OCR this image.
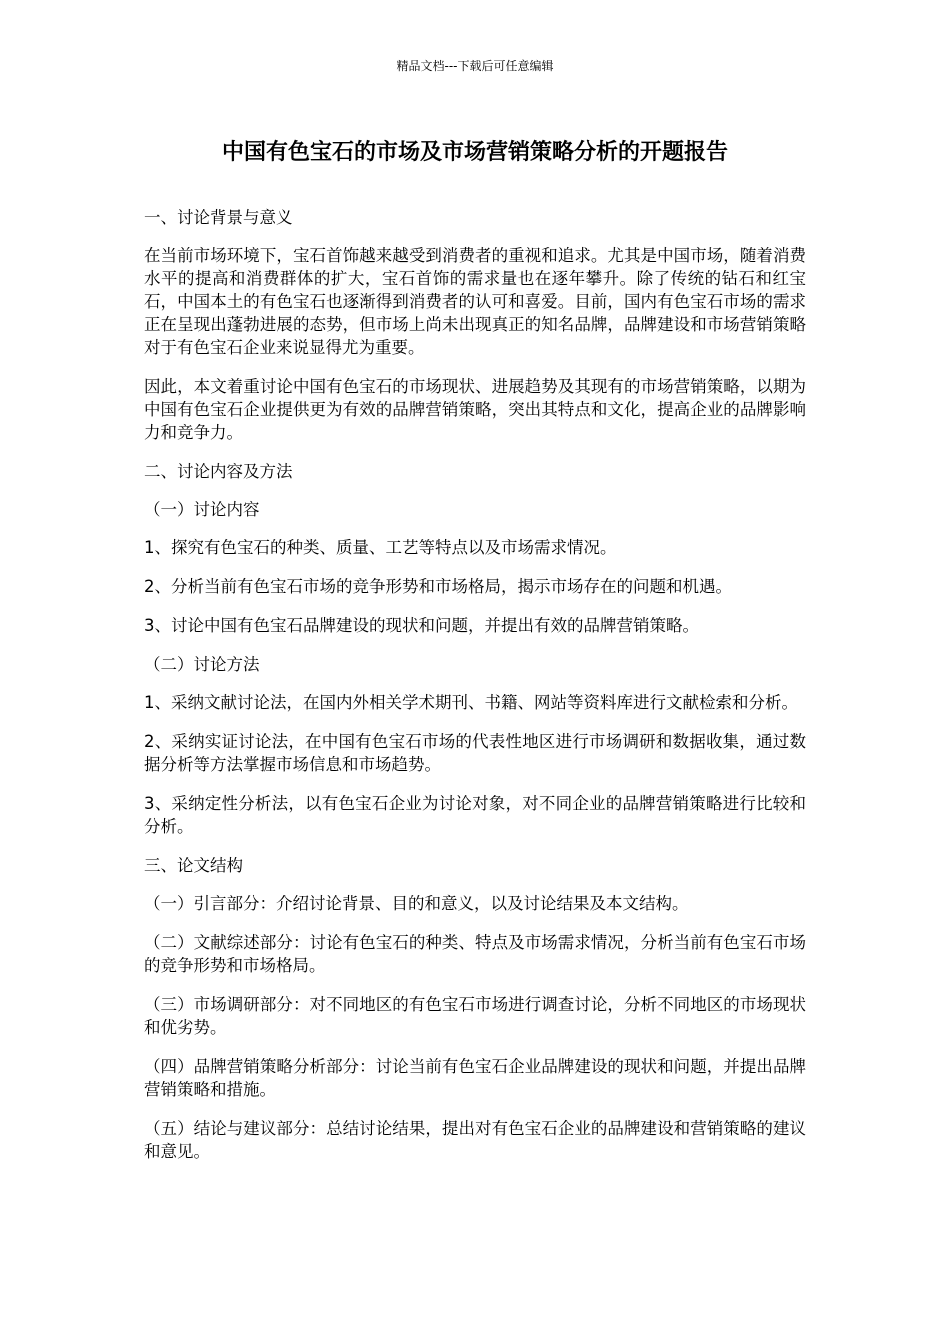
精品文档---下载后可任意编辑
中国有色宝石的市场及市场营销策略分析的开题报告

一、讨论背景与意义

在当前市场环境下，宝石首饰越来越受到消费者的重视和追求。尤其是中国市场，随着消费水平的提高和消费群体的扩大，宝石首饰的需求量也在逐年攀升。除了传统的钻石和红宝石，中国本土的有色宝石也逐渐得到消费者的认可和喜爱。目前，国内有色宝石市场的需求正在呈现出蓬勃进展的态势，但市场上尚未出现真正的知名品牌，品牌建设和市场营销策略对于有色宝石企业来说显得尤为重要。

因此，本文着重讨论中国有色宝石的市场现状、进展趋势及其现有的市场营销策略，以期为中国有色宝石企业提供更为有效的品牌营销策略，突出其特点和文化，提高企业的品牌影响力和竞争力。

二、讨论内容及方法

（一）讨论内容

1、探究有色宝石的种类、质量、工艺等特点以及市场需求情况。

2、分析当前有色宝石市场的竞争形势和市场格局，揭示市场存在的问题和机遇。

3、讨论中国有色宝石品牌建设的现状和问题，并提出有效的品牌营销策略。

（二）讨论方法

1、采纳文献讨论法，在国内外相关学术期刊、书籍、网站等资料库进行文献检索和分析。

2、采纳实证讨论法，在中国有色宝石市场的代表性地区进行市场调研和数据收集，通过数据分析等方法掌握市场信息和市场趋势。

3、采纳定性分析法，以有色宝石企业为讨论对象，对不同企业的品牌营销策略进行比较和分析。

三、论文结构

（一）引言部分：介绍讨论背景、目的和意义，以及讨论结果及本文结构。

（二）文献综述部分：讨论有色宝石的种类、特点及市场需求情况，分析当前有色宝石市场的竞争形势和市场格局。

（三）市场调研部分：对不同地区的有色宝石市场进行调查讨论，分析不同地区的市场现状和优劣势。

（四）品牌营销策略分析部分：讨论当前有色宝石企业品牌建设的现状和问题，并提出品牌营销策略和措施。

（五）结论与建议部分：总结讨论结果，提出对有色宝石企业的品牌建设和营销策略的建议和意见。
